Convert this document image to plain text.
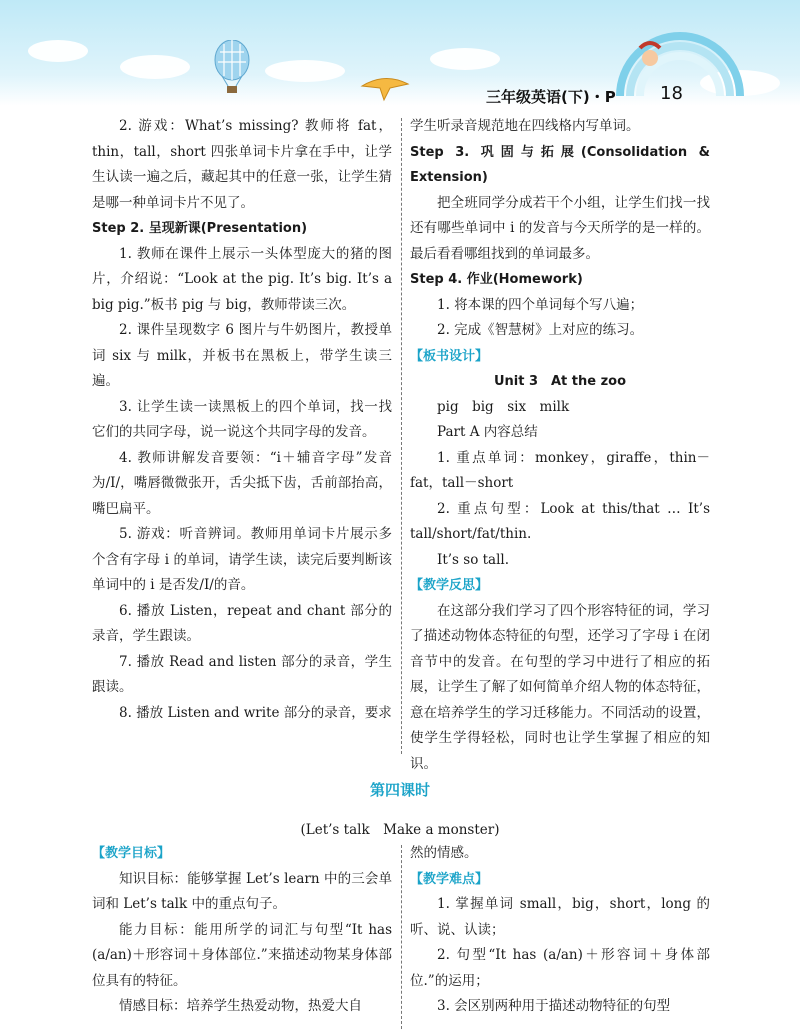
三年级英语(下)・P 18

2. 游戏：What’s missing? 教师将 fat，thin，tall，short 四张单词卡片拿在手中，让学生认读一遍之后，藏起其中的任意一张，让学生猜是哪一种单词卡片不见了。

Step 2. 呈现新课(Presentation)

1. 教师在课件上展示一头体型庞大的猪的图片，介绍说：“Look at the pig. It’s big. It’s a big pig.”板书 pig 与 big，教师带读三次。

2. 课件呈现数字 6 图片与牛奶图片，教授单词 six 与 milk，并板书在黑板上，带学生读三遍。

3. 让学生读一读黑板上的四个单词，找一找它们的共同字母，说一说这个共同字母的发音。

4. 教师讲解发音要领：“i＋辅音字母”发音为/I/，嘴唇微微张开，舌尖抵下齿，舌前部抬高，嘴巴扁平。

5. 游戏：听音辨词。教师用单词卡片展示多个含有字母 i 的单词，请学生读，读完后要判断该单词中的 i 是否发/I/的音。

6. 播放 Listen，repeat and chant 部分的录音，学生跟读。

7. 播放 Read and listen 部分的录音，学生跟读。

8. 播放 Listen and write 部分的录音，要求

学生听录音规范地在四线格内写单词。

Step 3. 巩固与拓展(Consolidation & Extension)

把全班同学分成若干个小组，让学生们找一找还有哪些单词中 i 的发音与今天所学的是一样的。最后看看哪组找到的单词最多。

Step 4. 作业(Homework)

1. 将本课的四个单词每个写八遍；

2. 完成《智慧树》上对应的练习。

【板书设计】

Unit 3　At the zoo

pig　big　six　milk

Part A 内容总结

1. 重点单词：monkey，giraffe，thin－fat，tall－short

2. 重点句型：Look at this/that … It’s tall/short/fat/thin.

It’s so tall.

【教学反思】

在这部分我们学习了四个形容特征的词，学习了描述动物体态特征的句型，还学习了字母 i 在闭音节中的发音。在句型的学习中进行了相应的拓展，让学生了解了如何简单介绍人物的体态特征，意在培养学生的学习迁移能力。不同活动的设置，使学生学得轻松，同时也让学生掌握了相应的知识。

第四课时
(Let’s talk　Make a monster)

【教学目标】

知识目标：能够掌握 Let’s learn 中的三会单词和 Let’s talk 中的重点句子。

能力目标：能用所学的词汇与句型“It has (a/an)＋形容词＋身体部位.”来描述动物某身体部位具有的特征。

情感目标：培养学生热爱动物，热爱大自

然的情感。

【教学难点】

1. 掌握单词 small，big，short，long 的听、说、认读；

2. 句型“It has (a/an)＋形容词＋身体部位.”的运用；

3. 会区别两种用于描述动物特征的句型
